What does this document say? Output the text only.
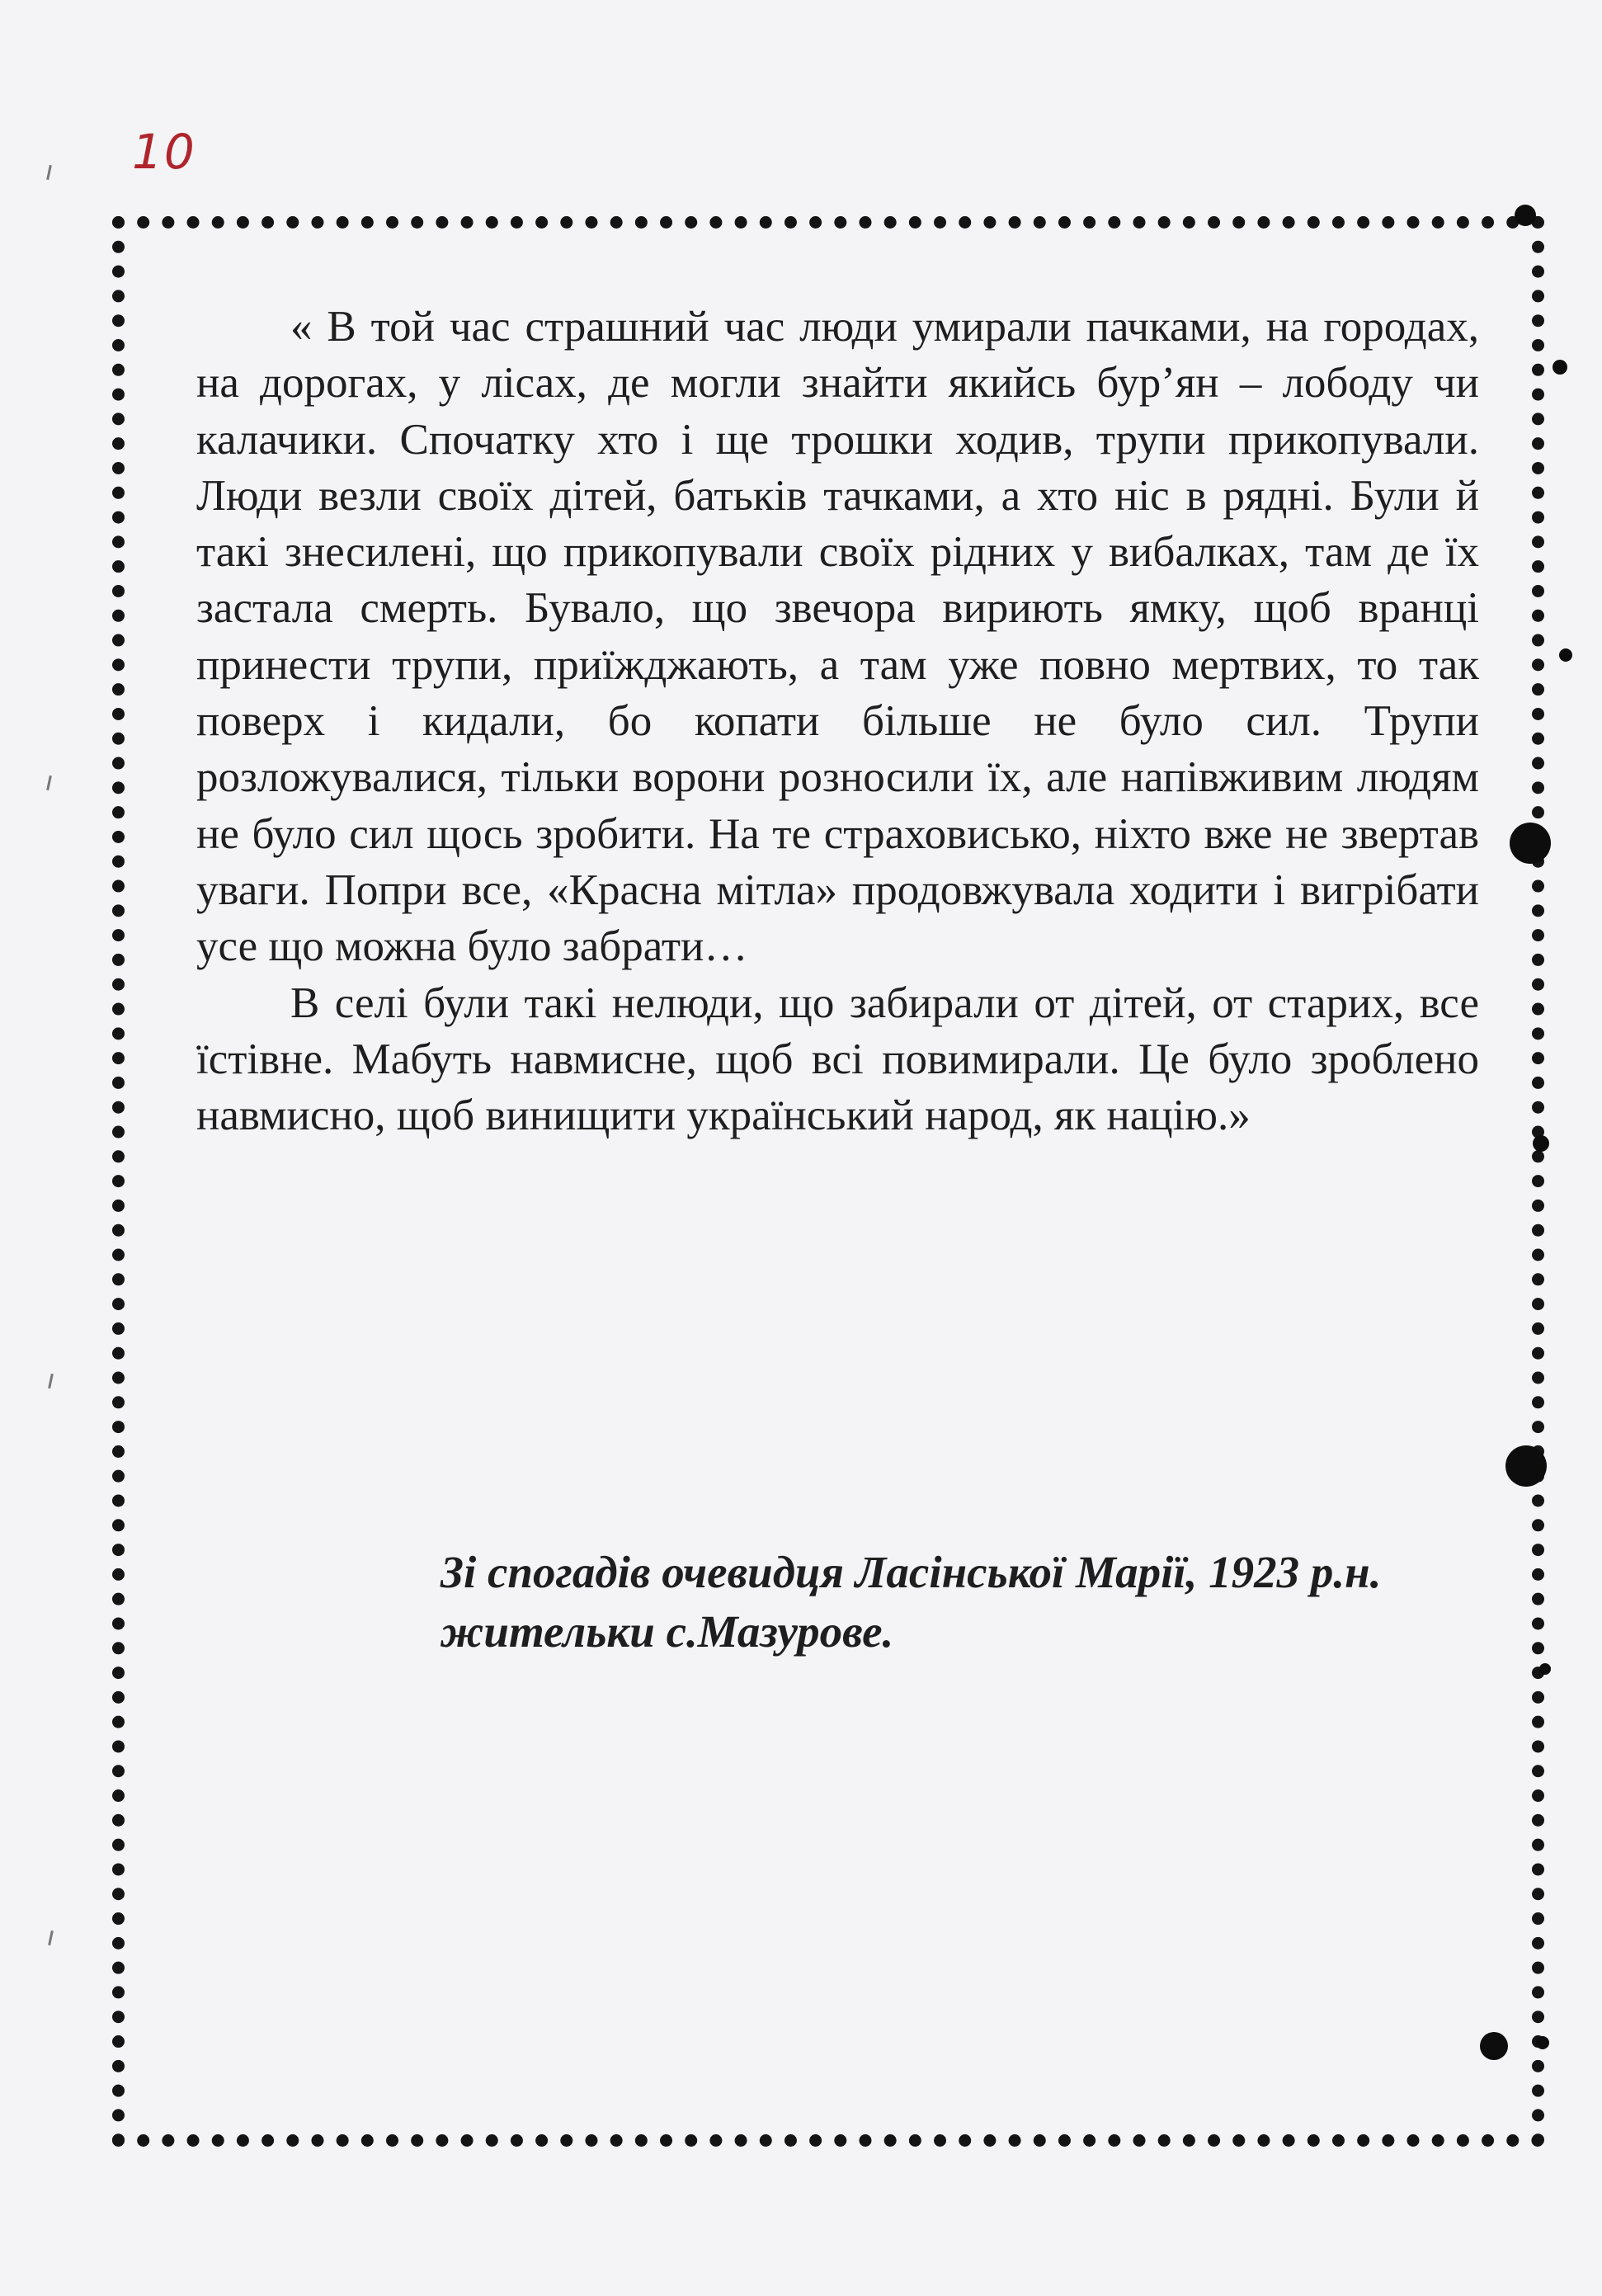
10

« В той час страшний час люди умирали пачками, на городах, на дорогах, у лісах, де могли знайти якийсь бур’ян – лободу чи калачики. Спочатку хто і ще трошки ходив, трупи прикопували. Люди везли своїх дітей, батьків тачками, а хто ніс в рядні. Були й такі знесилені, що прикопували своїх рідних у вибалках, там де їх застала смерть. Бувало, що звечора вириють ямку, щоб вранці принести трупи, приїжджають, а там уже повно мертвих, то так поверх і кидали, бо копати більше не було сил. Трупи розложувалися, тільки ворони розносили їх, але напівживим людям не було сил щось зробити. На те страховисько, ніхто вже не звертав уваги. Попри все, «Красна мітла» продовжувала ходити і вигрібати усе що можна було забрати…

В селі були такі нелюди, що забирали от дітей, от старих, все їстівне. Мабуть навмисне, щоб всі повимирали. Це було зроблено навмисно, щоб винищити український народ, як націю.»

Зі спогадів очевидця Ласінської Марії, 1923 р.н.
жительки с.Мазурове.
